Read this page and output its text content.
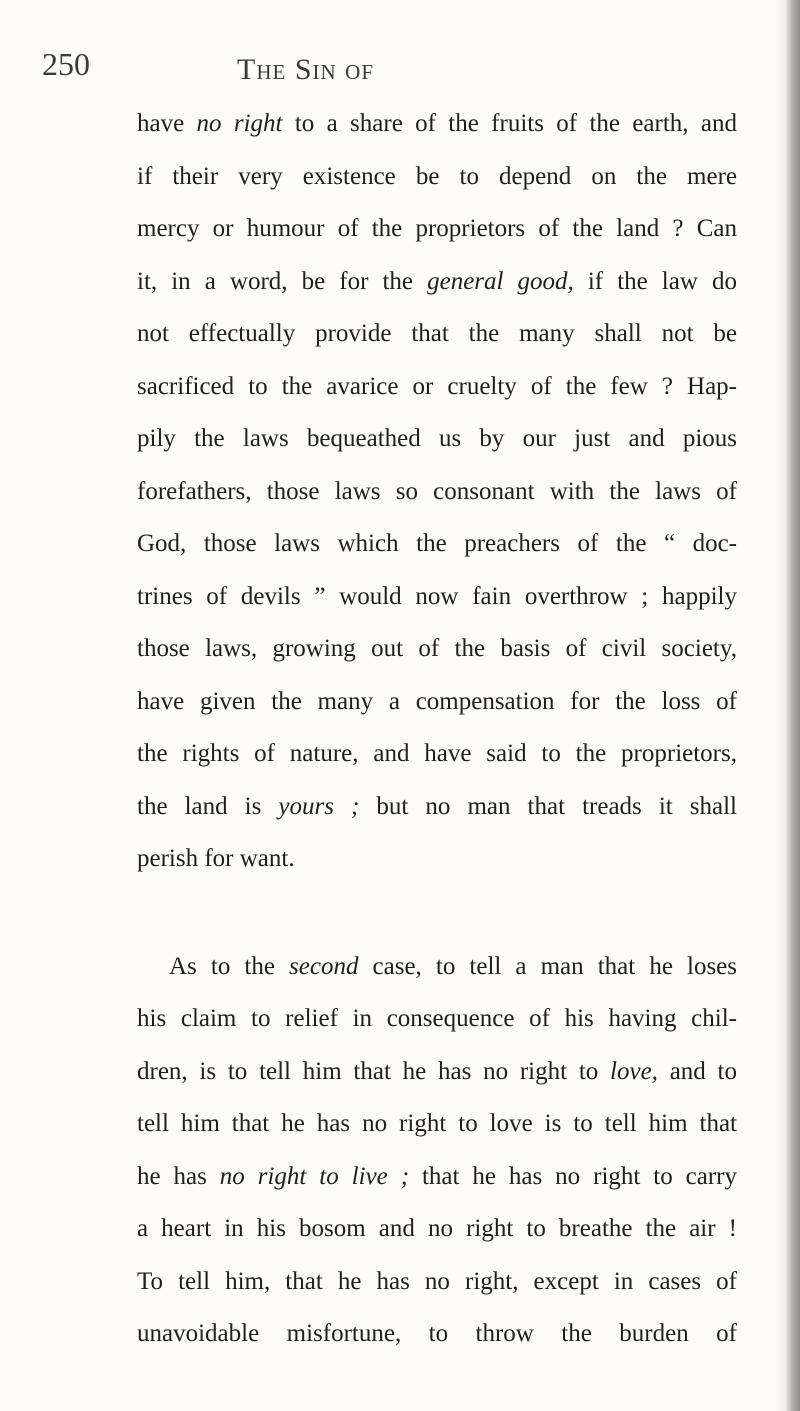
250	The Sin of
have no right to a share of the fruits of the earth, and
if their very existence be to depend on the mere
mercy or humour of the proprietors of the land ? Can
it, in a word, be for the general good, if the law do
not effectually provide that the many shall not be
sacrificed to the avarice or cruelty of the few ? Hap-
pily the laws bequeathed us by our just and pious
forefathers, those laws so consonant with the laws of
God, those laws which the preachers of the “ doc-
trines of devils ” would now fain overthrow ; happily
those laws, growing out of the basis of civil society,
have given the many a compensation for the loss of
the rights of nature, and have said to the proprietors,
the land is yours ; but no man that treads it shall
perish for want.
As to the second case, to tell a man that he loses
his claim to relief in consequence of his having chil-
dren, is to tell him that he has no right to love, and to
tell him that he has no right to love is to tell him that
he has no right to live ; that he has no right to carry
a heart in his bosom and no right to breathe the air !
To tell him, that he has no right, except in cases of
unavoidable misfortune, to throw the burden of
